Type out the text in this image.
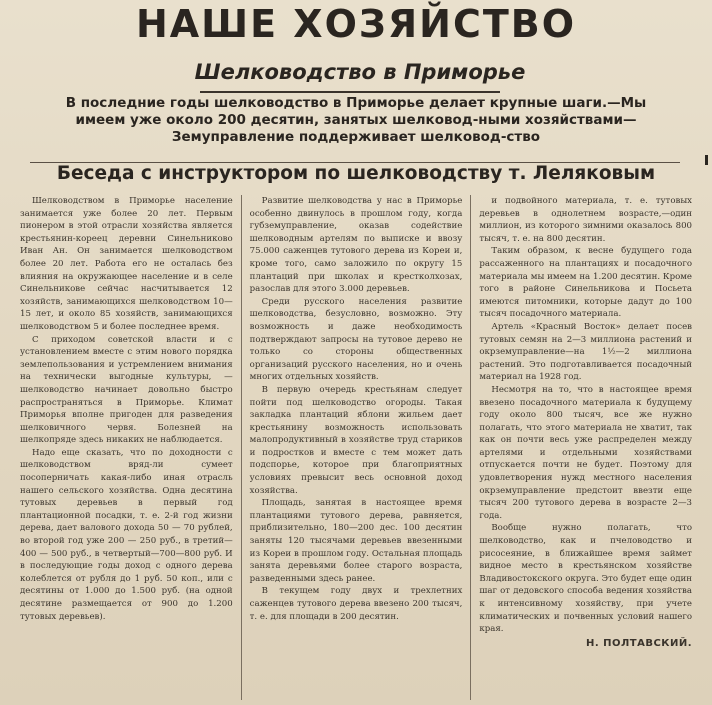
НАШЕ ХОЗЯЙСТВО
Шелководство в Приморье
В последние годы шелководство в Приморье делает крупные шаги.—Мы имеем уже около 200 десятин, занятых шелковод-ными хозяйствами—Земуправление поддерживает шелковод-ство
Беседа с инструктором по шелководству т. Леляковым

Шелководством в Приморье население занимается уже более 20 лет. Первым пионером в этой отрасли хозяйства является крестьянин-кореец деревни Синельниково Иван Ан. Он занимается шелководством более 20 лет. Работа его не осталась без влияния на окружающее население и в селе Синельникове сейчас насчитывается 12 хозяйств, занимающихся шелководством 10—15 лет, и около 85 хозяйств, занимающихся шелководством 5 и более последнее время.

С приходом советской власти и с установлением вместе с этим нового порядка землепользования и устремлением внимания на технически выгодные культуры, —шелководство начинает довольно быстро распространяться в Приморье. Климат Приморья вполне пригоден для разведения шелковичного червя. Болезней на шелкопряде здесь никаких не наблюдается.

Надо еще сказать, что по доходности с шелководством вряд-ли сумеет посоперничать какая-либо иная отрасль нашего сельского хозяйства. Одна десятина тутовых деревьев в первый год плантационной посадки, т. е. 2-й год жизни дерева, дает валового дохода 50 — 70 рублей, во второй год уже 200 — 250 руб., в третий—400 — 500 руб., в четвертый—700—800 руб. И в последующие годы доход с одного дерева колеблется от рубля до 1 руб. 50 коп., или с десятины от 1.000 до 1.500 руб. (на одной десятине размещается от 900 до 1.200 тутовых деревьев).

Развитие шелководства у нас в Приморье особенно двинулось в прошлом году, когда губземуправление, оказав содействие шелководным артелям по выписке и ввозу 75.000 саженцев тутового дерева из Кореи и, кроме того, само заложило по округу 15 плантаций при школах и крестколхозах, разослав для этого 3.000 деревьев.

Среди русского населения развитие шелководства, безусловно, возможно. Эту возможность и даже необходимость подтверждают запросы на тутовое дерево не только со стороны общественных организаций русского населения, но и очень многих отдельных хозяйств.

В первую очередь крестьянам следует пойти под шелководство огороды. Такая закладка плантаций яблони жильем дает крестьянину возможность использовать малопродуктивный в хозяйстве труд стариков и подростков и вместе с тем может дать подспорье, которое при благоприятных условиях превысит весь основной доход хозяйства.

Площадь, занятая в настоящее время плантациями тутового дерева, равняется, приблизительно, 180—200 дес. 100 десятин заняты 120 тысячами деревьев ввезенными из Кореи в прошлом году. Остальная площадь занята деревьями более старого возраста, разведенными здесь ранее.

В текущем году двух и трехлетних саженцев тутового дерева ввезено 200 тысяч, т. е. для площади в 200 десятин.

и подвойного материала, т. е. тутовых деревьев в однолетнем возрасте,—один миллион, из которого зимними оказалось 800 тысяч, т. е. на 800 десятин.

Таким образом, к весне будущего года рассаженного на плантациях и посадочного материала мы имеем на 1.200 десятин. Кроме того в районе Синельникова и Посьета имеются питомники, которые дадут до 100 тысяч посадочного материала.

Артель «Красный Восток» делает посев тутовых семян на 2—3 миллиона растений и окрземуправление—на 1½—2 миллиона растений. Это подготавливается посадочный материал на 1928 год.

Несмотря на то, что в настоящее время ввезено посадочного материала к будущему году около 800 тысяч, все же нужно полагать, что этого материала не хватит, так как он почти весь уже распределен между артелями и отдельными хозяйствами отпускается почти не будет. Поэтому для удовлетворения нужд местного населения окрземуправление предстоит ввезти еще тысяч 200 тутового дерева в возрасте 2—3 года.

Вообще нужно полагать, что шелководство, как и пчеловодство и рисосеяние, в ближайшее время займет видное место в крестьянском хозяйстве Владивостокского округа. Это будет еще один шаг от дедовского способа ведения хозяйства к интенсивному хозяйству, при учете климатических и почвенных условий нашего края.

Н. ПОЛТАВСКИЙ.
